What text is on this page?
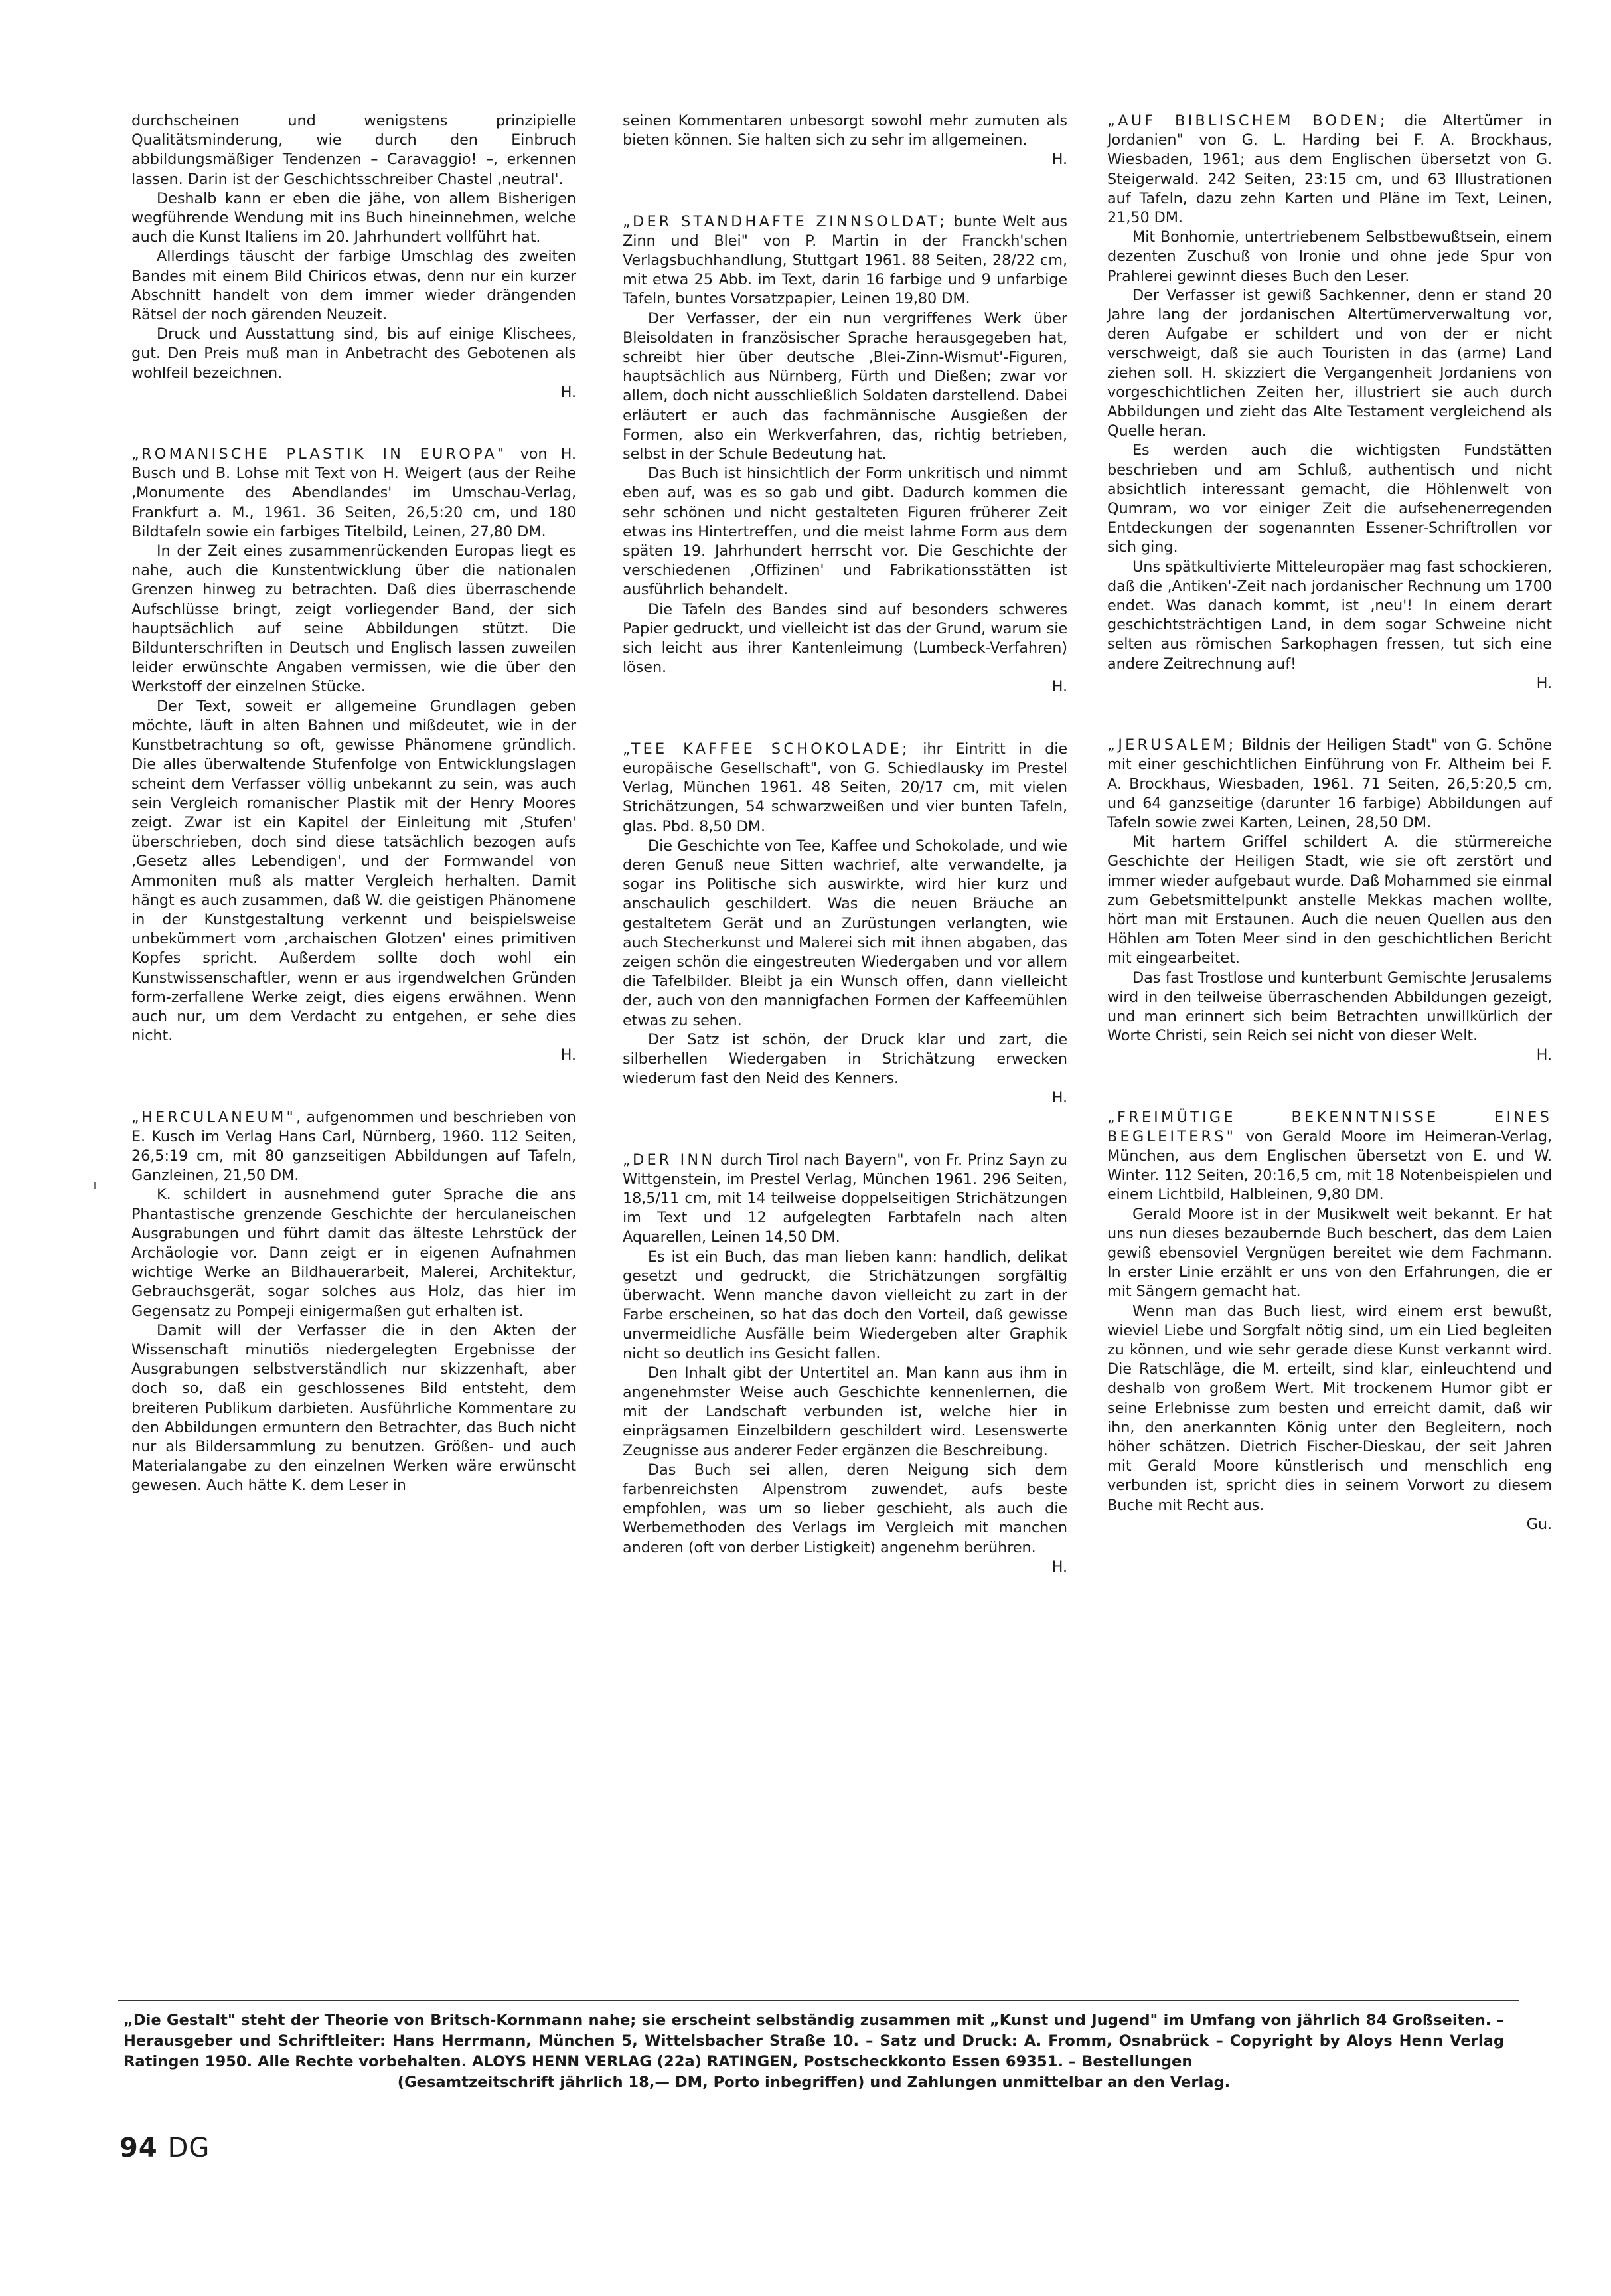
durchscheinen und wenigstens prinzipielle Qualitätsminderung, wie durch den Einbruch abbildungsmäßiger Tendenzen – Caravaggio! –, erkennen lassen. Darin ist der Geschichtsschreiber Chastel ‚neutral'.

Deshalb kann er eben die jähe, von allem Bisherigen wegführende Wendung mit ins Buch hineinnehmen, welche auch die Kunst Italiens im 20. Jahrhundert vollführt hat.

Allerdings täuscht der farbige Umschlag des zweiten Bandes mit einem Bild Chiricos etwas, denn nur ein kurzer Abschnitt handelt von dem immer wieder drängenden Rätsel der noch gärenden Neuzeit.

Druck und Ausstattung sind, bis auf einige Klischees, gut. Den Preis muß man in Anbetracht des Gebotenen als wohlfeil bezeichnen.

H.

„ROMANISCHE PLASTIK IN EUROPA" von H. Busch und B. Lohse mit Text von H. Weigert (aus der Reihe ‚Monumente des Abendlandes' im Umschau-Verlag, Frankfurt a. M., 1961. 36 Seiten, 26,5:20 cm, und 180 Bildtafeln sowie ein farbiges Titelbild, Leinen, 27,80 DM.

In der Zeit eines zusammenrückenden Europas liegt es nahe, auch die Kunstentwicklung über die nationalen Grenzen hinweg zu betrachten. Daß dies überraschende Aufschlüsse bringt, zeigt vorliegender Band, der sich hauptsächlich auf seine Abbildungen stützt. Die Bildunterschriften in Deutsch und Englisch lassen zuweilen leider erwünschte Angaben vermissen, wie die über den Werkstoff der einzelnen Stücke.

Der Text, soweit er allgemeine Grundlagen geben möchte, läuft in alten Bahnen und mißdeutet, wie in der Kunstbetrachtung so oft, gewisse Phänomene gründlich. Die alles überwaltende Stufenfolge von Entwicklungslagen scheint dem Verfasser völlig unbekannt zu sein, was auch sein Vergleich romanischer Plastik mit der Henry Moores zeigt. Zwar ist ein Kapitel der Einleitung mit ‚Stufen' überschrieben, doch sind diese tatsächlich bezogen aufs ‚Gesetz alles Lebendigen', und der Formwandel von Ammoniten muß als matter Vergleich herhalten. Damit hängt es auch zusammen, daß W. die geistigen Phänomene in der Kunstgestaltung verkennt und beispielsweise unbekümmert vom ‚archaischen Glotzen' eines primitiven Kopfes spricht. Außerdem sollte doch wohl ein Kunstwissenschaftler, wenn er aus irgendwelchen Gründen form-zerfallene Werke zeigt, dies eigens erwähnen. Wenn auch nur, um dem Verdacht zu entgehen, er sehe dies nicht.

H.

„HERCULANEUM", aufgenommen und beschrieben von E. Kusch im Verlag Hans Carl, Nürnberg, 1960. 112 Seiten, 26,5:19 cm, mit 80 ganzseitigen Abbildungen auf Tafeln, Ganzleinen, 21,50 DM.

K. schildert in ausnehmend guter Sprache die ans Phantastische grenzende Geschichte der herculaneischen Ausgrabungen und führt damit das älteste Lehrstück der Archäologie vor. Dann zeigt er in eigenen Aufnahmen wichtige Werke an Bildhauerarbeit, Malerei, Architektur, Gebrauchsgerät, sogar solches aus Holz, das hier im Gegensatz zu Pompeji einigermaßen gut erhalten ist.

Damit will der Verfasser die in den Akten der Wissenschaft minutiös niedergelegten Ergebnisse der Ausgrabungen selbstverständlich nur skizzenhaft, aber doch so, daß ein geschlossenes Bild entsteht, dem breiteren Publikum darbieten. Ausführliche Kommentare zu den Abbildungen ermuntern den Betrachter, das Buch nicht nur als Bildersammlung zu benutzen. Größen- und auch Materialangabe zu den einzelnen Werken wäre erwünscht gewesen. Auch hätte K. dem Leser in

seinen Kommentaren unbesorgt sowohl mehr zumuten als bieten können. Sie halten sich zu sehr im allgemeinen.

H.

„DER STANDHAFTE ZINNSOLDAT; bunte Welt aus Zinn und Blei" von P. Martin in der Franckh'schen Verlagsbuchhandlung, Stuttgart 1961. 88 Seiten, 28/22 cm, mit etwa 25 Abb. im Text, darin 16 farbige und 9 unfarbige Tafeln, buntes Vorsatzpapier, Leinen 19,80 DM.

Der Verfasser, der ein nun vergriffenes Werk über Bleisoldaten in französischer Sprache herausgegeben hat, schreibt hier über deutsche ‚Blei-Zinn-Wismut'-Figuren, hauptsächlich aus Nürnberg, Fürth und Dießen; zwar vor allem, doch nicht ausschließlich Soldaten darstellend. Dabei erläutert er auch das fachmännische Ausgießen der Formen, also ein Werkverfahren, das, richtig betrieben, selbst in der Schule Bedeutung hat.

Das Buch ist hinsichtlich der Form unkritisch und nimmt eben auf, was es so gab und gibt. Dadurch kommen die sehr schönen und nicht gestalteten Figuren früherer Zeit etwas ins Hintertreffen, und die meist lahme Form aus dem späten 19. Jahrhundert herrscht vor. Die Geschichte der verschiedenen ‚Offizinen' und Fabrikationsstätten ist ausführlich behandelt.

Die Tafeln des Bandes sind auf besonders schweres Papier gedruckt, und vielleicht ist das der Grund, warum sie sich leicht aus ihrer Kantenleimung (Lumbeck-Verfahren) lösen.

H.

„TEE KAFFEE SCHOKOLADE; ihr Eintritt in die europäische Gesellschaft", von G. Schiedlausky im Prestel Verlag, München 1961. 48 Seiten, 20/17 cm, mit vielen Strichätzungen, 54 schwarzweißen und vier bunten Tafeln, glas. Pbd. 8,50 DM.

Die Geschichte von Tee, Kaffee und Schokolade, und wie deren Genuß neue Sitten wachrief, alte verwandelte, ja sogar ins Politische sich auswirkte, wird hier kurz und anschaulich geschildert. Was die neuen Bräuche an gestaltetem Gerät und an Zurüstungen verlangten, wie auch Stecherkunst und Malerei sich mit ihnen abgaben, das zeigen schön die eingestreuten Wiedergaben und vor allem die Tafelbilder. Bleibt ja ein Wunsch offen, dann vielleicht der, auch von den mannigfachen Formen der Kaffeemühlen etwas zu sehen.

Der Satz ist schön, der Druck klar und zart, die silberhellen Wiedergaben in Strichätzung erwecken wiederum fast den Neid des Kenners.

H.

„DER INN durch Tirol nach Bayern", von Fr. Prinz Sayn zu Wittgenstein, im Prestel Verlag, München 1961. 296 Seiten, 18,5/11 cm, mit 14 teilweise doppelseitigen Strichätzungen im Text und 12 aufgelegten Farbtafeln nach alten Aquarellen, Leinen 14,50 DM.

Es ist ein Buch, das man lieben kann: handlich, delikat gesetzt und gedruckt, die Strichätzungen sorgfältig überwacht. Wenn manche davon vielleicht zu zart in der Farbe erscheinen, so hat das doch den Vorteil, daß gewisse unvermeidliche Ausfälle beim Wiedergeben alter Graphik nicht so deutlich ins Gesicht fallen.

Den Inhalt gibt der Untertitel an. Man kann aus ihm in angenehmster Weise auch Geschichte kennenlernen, die mit der Landschaft verbunden ist, welche hier in einprägsamen Einzelbildern geschildert wird. Lesenswerte Zeugnisse aus anderer Feder ergänzen die Beschreibung.

Das Buch sei allen, deren Neigung sich dem farbenreichsten Alpenstrom zuwendet, aufs beste empfohlen, was um so lieber geschieht, als auch die Werbemethoden des Verlags im Vergleich mit manchen anderen (oft von derber Listigkeit) angenehm berühren.

H.

„AUF BIBLISCHEM BODEN; die Altertümer in Jordanien" von G. L. Harding bei F. A. Brockhaus, Wiesbaden, 1961; aus dem Englischen übersetzt von G. Steigerwald. 242 Seiten, 23:15 cm, und 63 Illustrationen auf Tafeln, dazu zehn Karten und Pläne im Text, Leinen, 21,50 DM.

Mit Bonhomie, untertriebenem Selbstbewußtsein, einem dezenten Zuschuß von Ironie und ohne jede Spur von Prahlerei gewinnt dieses Buch den Leser.

Der Verfasser ist gewiß Sachkenner, denn er stand 20 Jahre lang der jordanischen Altertümerverwaltung vor, deren Aufgabe er schildert und von der er nicht verschweigt, daß sie auch Touristen in das (arme) Land ziehen soll. H. skizziert die Vergangenheit Jordaniens von vorgeschichtlichen Zeiten her, illustriert sie auch durch Abbildungen und zieht das Alte Testament vergleichend als Quelle heran.

Es werden auch die wichtigsten Fundstätten beschrieben und am Schluß, authentisch und nicht absichtlich interessant gemacht, die Höhlenwelt von Qumram, wo vor einiger Zeit die aufsehenerregenden Entdeckungen der sogenannten Essener-Schriftrollen vor sich ging.

Uns spätkultivierte Mitteleuropäer mag fast schockieren, daß die ‚Antiken'-Zeit nach jordanischer Rechnung um 1700 endet. Was danach kommt, ist ‚neu'! In einem derart geschichtsträchtigen Land, in dem sogar Schweine nicht selten aus römischen Sarkophagen fressen, tut sich eine andere Zeitrechnung auf!

H.

„JERUSALEM; Bildnis der Heiligen Stadt" von G. Schöne mit einer geschichtlichen Einführung von Fr. Altheim bei F. A. Brockhaus, Wiesbaden, 1961. 71 Seiten, 26,5:20,5 cm, und 64 ganzseitige (darunter 16 farbige) Abbildungen auf Tafeln sowie zwei Karten, Leinen, 28,50 DM.

Mit hartem Griffel schildert A. die stürmereiche Geschichte der Heiligen Stadt, wie sie oft zerstört und immer wieder aufgebaut wurde. Daß Mohammed sie einmal zum Gebetsmittelpunkt anstelle Mekkas machen wollte, hört man mit Erstaunen. Auch die neuen Quellen aus den Höhlen am Toten Meer sind in den geschichtlichen Bericht mit eingearbeitet.

Das fast Trostlose und kunterbunt Gemischte Jerusalems wird in den teilweise überraschenden Abbildungen gezeigt, und man erinnert sich beim Betrachten unwillkürlich der Worte Christi, sein Reich sei nicht von dieser Welt.

H.

„FREIMÜTIGE BEKENNTNISSE EINES BEGLEITERS" von Gerald Moore im Heimeran-Verlag, München, aus dem Englischen übersetzt von E. und W. Winter. 112 Seiten, 20:16,5 cm, mit 18 Notenbeispielen und einem Lichtbild, Halbleinen, 9,80 DM.

Gerald Moore ist in der Musikwelt weit bekannt. Er hat uns nun dieses bezaubernde Buch beschert, das dem Laien gewiß ebensoviel Vergnügen bereitet wie dem Fachmann. In erster Linie erzählt er uns von den Erfahrungen, die er mit Sängern gemacht hat.

Wenn man das Buch liest, wird einem erst bewußt, wieviel Liebe und Sorgfalt nötig sind, um ein Lied begleiten zu können, und wie sehr gerade diese Kunst verkannt wird. Die Ratschläge, die M. erteilt, sind klar, einleuchtend und deshalb von großem Wert. Mit trockenem Humor gibt er seine Erlebnisse zum besten und erreicht damit, daß wir ihn, den anerkannten König unter den Begleitern, noch höher schätzen. Dietrich Fischer-Dieskau, der seit Jahren mit Gerald Moore künstlerisch und menschlich eng verbunden ist, spricht dies in seinem Vorwort zu diesem Buche mit Recht aus.

Gu.

„Die Gestalt" steht der Theorie von Britsch-Kornmann nahe; sie erscheint selbständig zusammen mit „Kunst und Jugend" im Umfang von jährlich 84 Großseiten. – Herausgeber und Schriftleiter: Hans Herrmann, München 5, Wittelsbacher Straße 10. – Satz und Druck: A. Fromm, Osnabrück – Copyright by Aloys Henn Verlag Ratingen 1950. Alle Rechte vorbehalten. ALOYS HENN VERLAG (22a) RATINGEN, Postscheckkonto Essen 69351. – Bestellungen
(Gesamtzeitschrift jährlich 18,— DM, Porto inbegriffen) und Zahlungen unmittelbar an den Verlag.
94 DG
